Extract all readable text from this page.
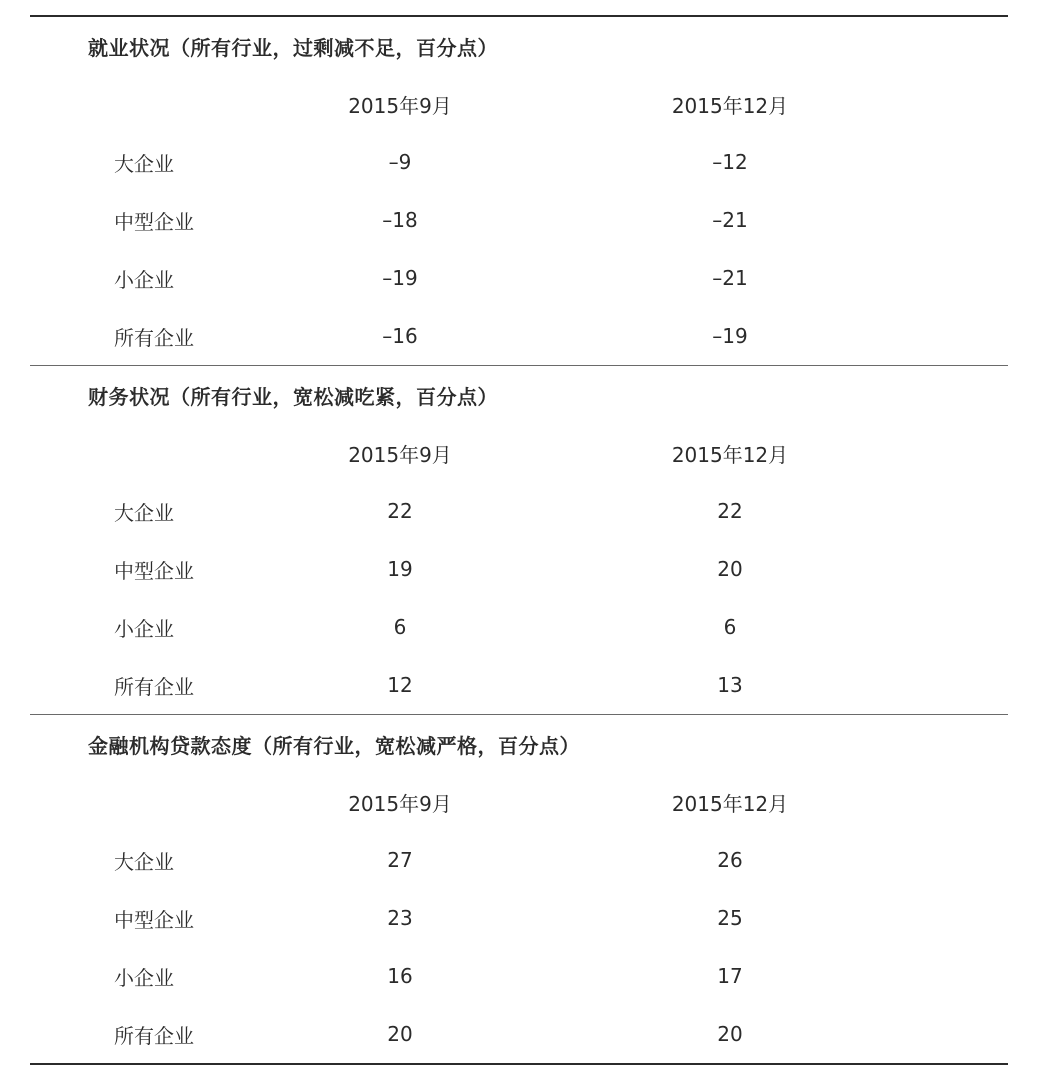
就业状况（所有行业，过剩减不足，百分点）
2015年9月	2015年12月
大企业	–9	–12
中型企业	–18	–21
小企业	–19	–21
所有企业	–16	–19
财务状况（所有行业，宽松减吃紧，百分点）
2015年9月	2015年12月
大企业	22	22
中型企业	19	20
小企业	6	6
所有企业	12	13
金融机构贷款态度（所有行业，宽松减严格，百分点）
2015年9月	2015年12月
大企业	27	26
中型企业	23	25
小企业	16	17
所有企业	20	20
